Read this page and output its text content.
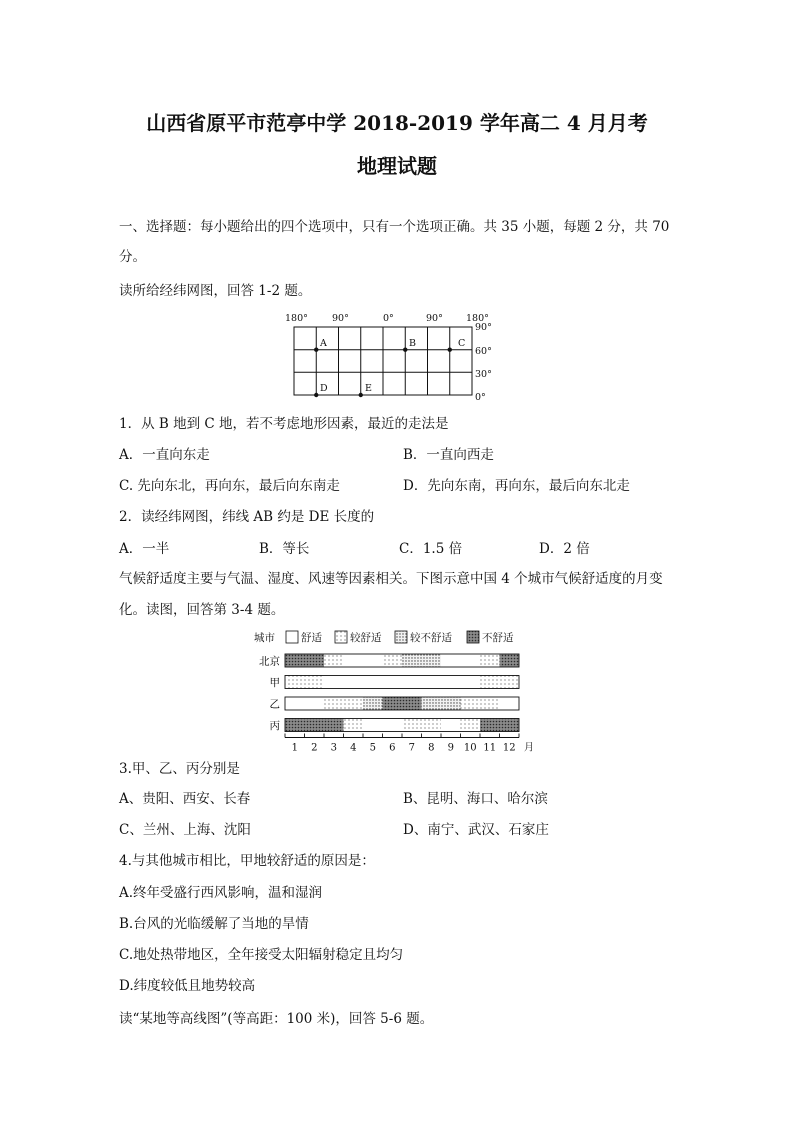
山西省原平市范亭中学 2018-2019 学年高二 4 月月考
地理试题
一、选择题：每小题给出的四个选项中，只有一个选项正确。共 35 小题，每题 2 分，共 70
分。
读所给经纬网图，回答 1-2 题。
180°	90°	0°	90° 180°
90°
60°
30°
0°
A	B	C
D	E
1．从 B 地到 C 地，若不考虑地形因素，最近的走法是
A．一直向东走	B．一直向西走
C. 先向东北，再向东，最后向东南走	D．先向东南，再向东，最后向东北走
2．读经纬网图，纬线 AB 约是 DE 长度的
A．一半	B．等长	C．1.5 倍	D．2 倍
气候舒适度主要与气温、湿度、风速等因素相关。下图示意中国 4 个城市气候舒适度的月变
化。读图，回答第 3-4 题。
城市 舒适	较舒适	较不舒适	不舒适
北京
甲
乙
丙
1 2 3 4 5 6 7 8 9 10 11 12 月
3.甲、乙、丙分别是
A、贵阳、西安、长春	B、昆明、海口、哈尔滨
C、兰州、上海、沈阳	D、南宁、武汉、石家庄
4.与其他城市相比，甲地较舒适的原因是：
A.终年受盛行西风影响，温和湿润
B.台风的光临缓解了当地的旱情
C.地处热带地区，全年接受太阳辐射稳定且均匀
D.纬度较低且地势较高
读“某地等高线图”(等高距：100 米)，回答 5-6 题。
